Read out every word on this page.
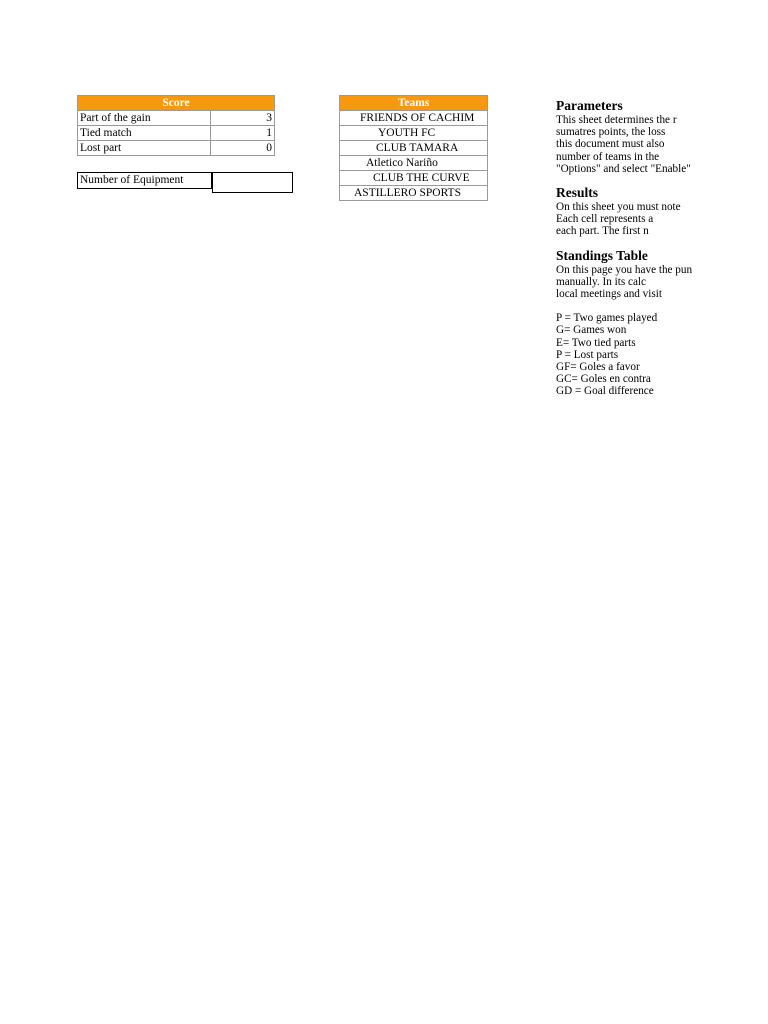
Score	
Part of the gain	3
Tied match	1
Lost part	0
Number of Equipment
Teams
FRIENDS OF CACHIM
YOUTH FC
CLUB TAMARA
Atletico Nariño
CLUB THE CURVE
ASTILLERO SPORTS
Parameters

This sheet determines the r

sumatres points, the loss

this document must also

number of teams in the

"Options" and select "Enable"

Results

On this sheet you must note

Each cell represents a

each part. The first n

Standings Table

On this page you have the pun

manually. In its calc

local meetings and visit

P = Two games played

G= Games won

E= Two tied parts

P = Lost parts

GF= Goles a favor

GC= Goles en contra

GD = Goal difference
